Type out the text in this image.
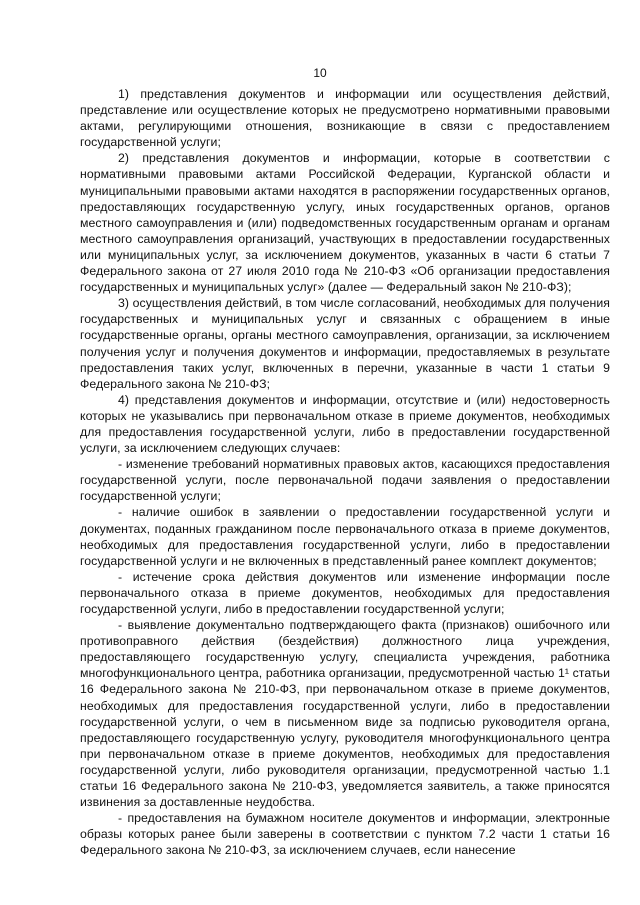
10

1) представления документов и информации или осуществления действий, представление или осуществление которых не предусмотрено нормативными правовыми актами, регулирующими отношения, возникающие в связи с предоставлением государственной услуги;

2) представления документов и информации, которые в соответствии с нормативными правовыми актами Российской Федерации, Курганской области и муниципальными правовыми актами находятся в распоряжении государственных органов, предоставляющих государственную услугу, иных государственных органов, органов местного самоуправления и (или) подведомственных государственным органам и органам местного самоуправления организаций, участвующих в предоставлении государственных или муниципальных услуг, за исключением документов, указанных в части 6 статьи 7 Федерального закона от 27 июля 2010 года № 210-ФЗ «Об организации предоставления государственных и муниципальных услуг» (далее — Федеральный закон № 210-ФЗ);

3) осуществления действий, в том числе согласований, необходимых для получения государственных и муниципальных услуг и связанных с обращением в иные государственные органы, органы местного самоуправления, организации, за исключением получения услуг и получения документов и информации, предоставляемых в результате предоставления таких услуг, включенных в перечни, указанные в части 1 статьи 9 Федерального закона № 210-ФЗ;

4) представления документов и информации, отсутствие и (или) недостоверность которых не указывались при первоначальном отказе в приеме документов, необходимых для предоставления государственной услуги, либо в предоставлении государственной услуги, за исключением следующих случаев:

- изменение требований нормативных правовых актов, касающихся предоставления государственной услуги, после первоначальной подачи заявления о предоставлении государственной услуги;

- наличие ошибок в заявлении о предоставлении государственной услуги и документах, поданных гражданином после первоначального отказа в приеме документов, необходимых для предоставления государственной услуги, либо в предоставлении государственной услуги и не включенных в представленный ранее комплект документов;

- истечение срока действия документов или изменение информации после первоначального отказа в приеме документов, необходимых для предоставления государственной услуги, либо в предоставлении государственной услуги;

- выявление документально подтверждающего факта (признаков) ошибочного или противоправного действия (бездействия) должностного лица учреждения, предоставляющего государственную услугу, специалиста учреждения, работника многофункционального центра, работника организации, предусмотренной частью 1¹ статьи 16 Федерального закона № 210-ФЗ, при первоначальном отказе в приеме документов, необходимых для предоставления государственной услуги, либо в предоставлении государственной услуги, о чем в письменном виде за подписью руководителя органа, предоставляющего государственную услугу, руководителя многофункционального центра при первоначальном отказе в приеме документов, необходимых для предоставления государственной услуги, либо руководителя организации, предусмотренной частью 1.1 статьи 16 Федерального закона № 210-ФЗ, уведомляется заявитель, а также приносятся извинения за доставленные неудобства.

- предоставления на бумажном носителе документов и информации, электронные образы которых ранее были заверены в соответствии с пунктом 7.2 части 1 статьи 16 Федерального закона № 210-ФЗ, за исключением случаев, если нанесение
